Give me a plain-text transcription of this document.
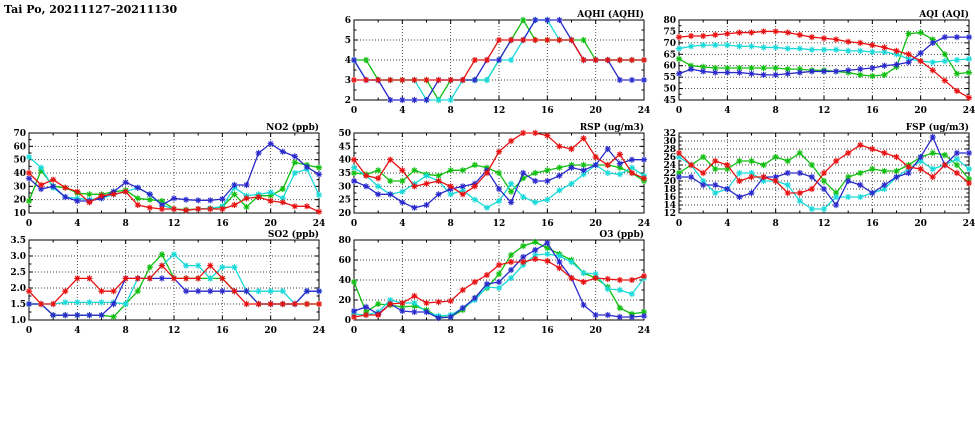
Tai Po, 20211127–20211130
0	4	8	12	16	20	24
2
3
4
5
6
AQHI (AQHI)
0	4	8	12	16	20	24
45
50
55
60
65
70
75
80
AQI (AQI)
0	4	8	12	16	20	24
10
20
30
40
50
60
70
NO2 (ppb)
0	4	8	12	16	20	24
20
25
30
35
40
45
50
RSP (ug/m3)
0	4	8	12	16	20	24
12
14
16
18
20
22
24
26
28
30
32
FSP (ug/m3)
0	4	8	12	16	20	24
1.0
1.5
2.0
2.5
3.0
3.5
SO2 (ppb)
0	4	8	12	16	20	24
0
20
40
60
80
O3 (ppb)
